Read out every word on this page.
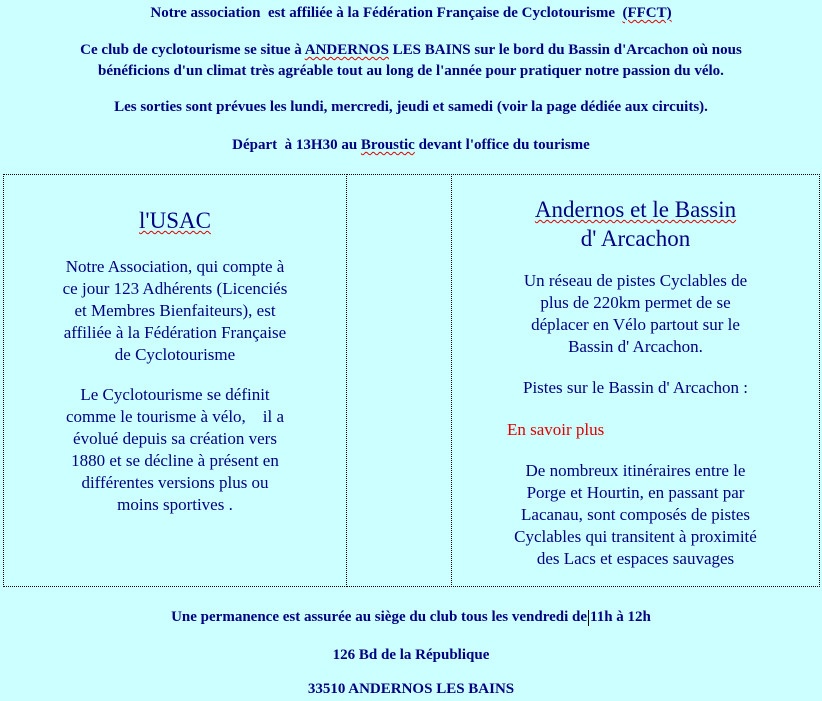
Notre association  est affiliée à la Fédération Française de Cyclotourisme  (FFCT)
Ce club de cyclotourisme se situe à ANDERNOS LES BAINS sur le bord du Bassin d'Arcachon où nous
bénéficions d'un climat très agréable tout au long de l'année pour pratiquer notre passion du vélo.
Les sorties sont prévues les lundi, mercredi, jeudi et samedi (voir la page dédiée aux circuits).
Départ  à 13H30 au Broustic devant l'office du tourisme
l'USAC
Notre Association, qui compte à
ce jour 123 Adhérents (Licenciés
et Membres Bienfaiteurs), est
affiliée à la Fédération Française
de Cyclotourisme
Le Cyclotourisme se définit
comme le tourisme à vélo,    il a
évolué depuis sa création vers
1880 et se décline à présent en
différentes versions plus ou
moins sportives .
Andernos et le Bassin
d' Arcachon
Un réseau de pistes Cyclables de
plus de 220km permet de se
déplacer en Vélo partout sur le
Bassin d' Arcachon.
Pistes sur le Bassin d' Arcachon :
En savoir plus
De nombreux itinéraires entre le
Porge et Hourtin, en passant par
Lacanau, sont composés de pistes
Cyclables qui transitent à proximité
des Lacs et espaces sauvages
Une permanence est assurée au siège du club tous les vendredi de 11h à 12h
126 Bd de la République
33510 ANDERNOS LES BAINS
